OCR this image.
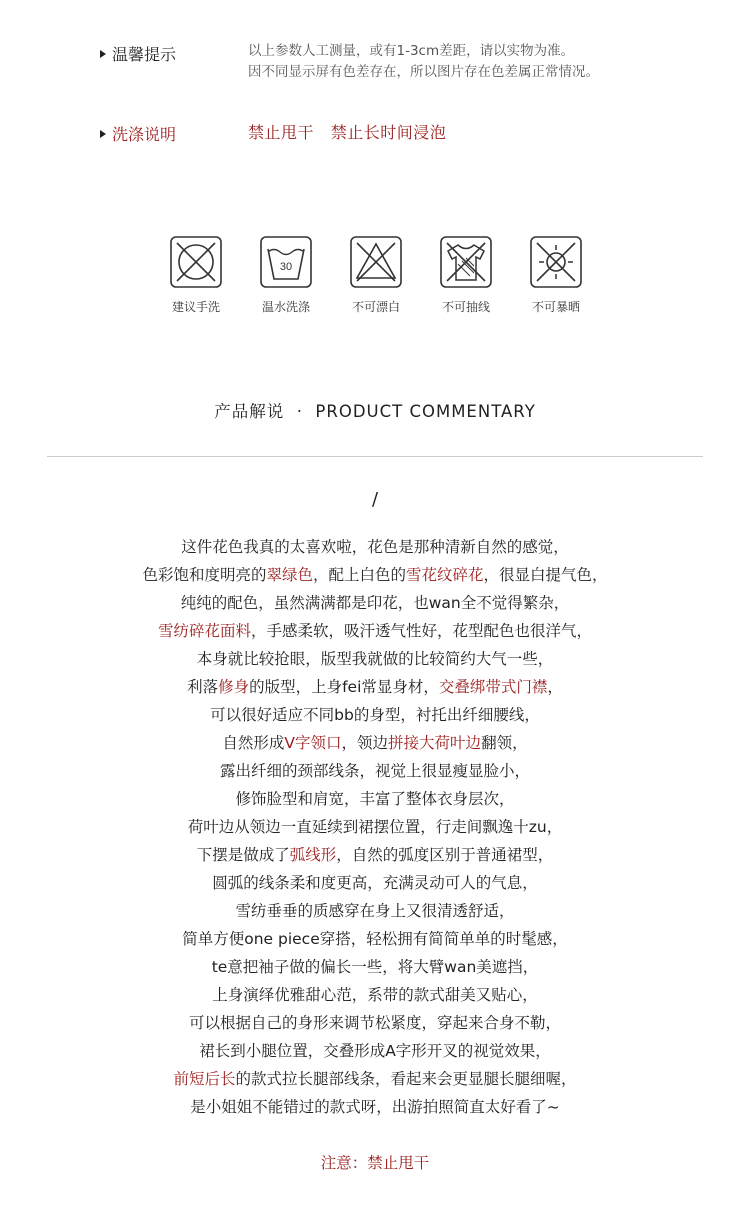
温馨提示	以上参数人工测量，或有1-3cm差距，请以实物为准。
因不同显示屏有色差存在，所以图片存在色差属正常情况。
洗涤说明	禁止甩干   禁止长时间浸泡
建议手洗
30
温水洗涤	不可漂白	不可抽线	不可暴晒
产品解说  ·  PRODUCT COMMENTARY
/
这件花色我真的太喜欢啦，花色是那种清新自然的感觉，
色彩饱和度明亮的翠绿色，配上白色的雪花纹碎花，很显白提气色，
纯纯的配色，虽然满满都是印花，也wan全不觉得繁杂，
雪纺碎花面料，手感柔软，吸汗透气性好，花型配色也很洋气，
本身就比较抢眼，版型我就做的比较简约大气一些，
利落修身的版型，上身fei常显身材，交叠绑带式门襟，
可以很好适应不同bb的身型，衬托出纤细腰线，
自然形成V字领口，领边拼接大荷叶边翻领，
露出纤细的颈部线条，视觉上很显瘦显脸小，
修饰脸型和肩宽，丰富了整体衣身层次，
荷叶边从领边一直延续到裙摆位置，行走间飘逸十zu，
下摆是做成了弧线形，自然的弧度区别于普通裙型，
圆弧的线条柔和度更高，充满灵动可人的气息，
雪纺垂垂的质感穿在身上又很清透舒适，
简单方便one piece穿搭，轻松拥有简简单单的时髦感，
te意把袖子做的偏长一些，将大臂wan美遮挡，
上身演绎优雅甜心范，系带的款式甜美又贴心，
可以根据自己的身形来调节松紧度，穿起来合身不勒，
裙长到小腿位置，交叠形成A字形开叉的视觉效果，
前短后长的款式拉长腿部线条，看起来会更显腿长腿细喔，
是小姐姐不能错过的款式呀，出游拍照简直太好看了~
注意：禁止甩干
